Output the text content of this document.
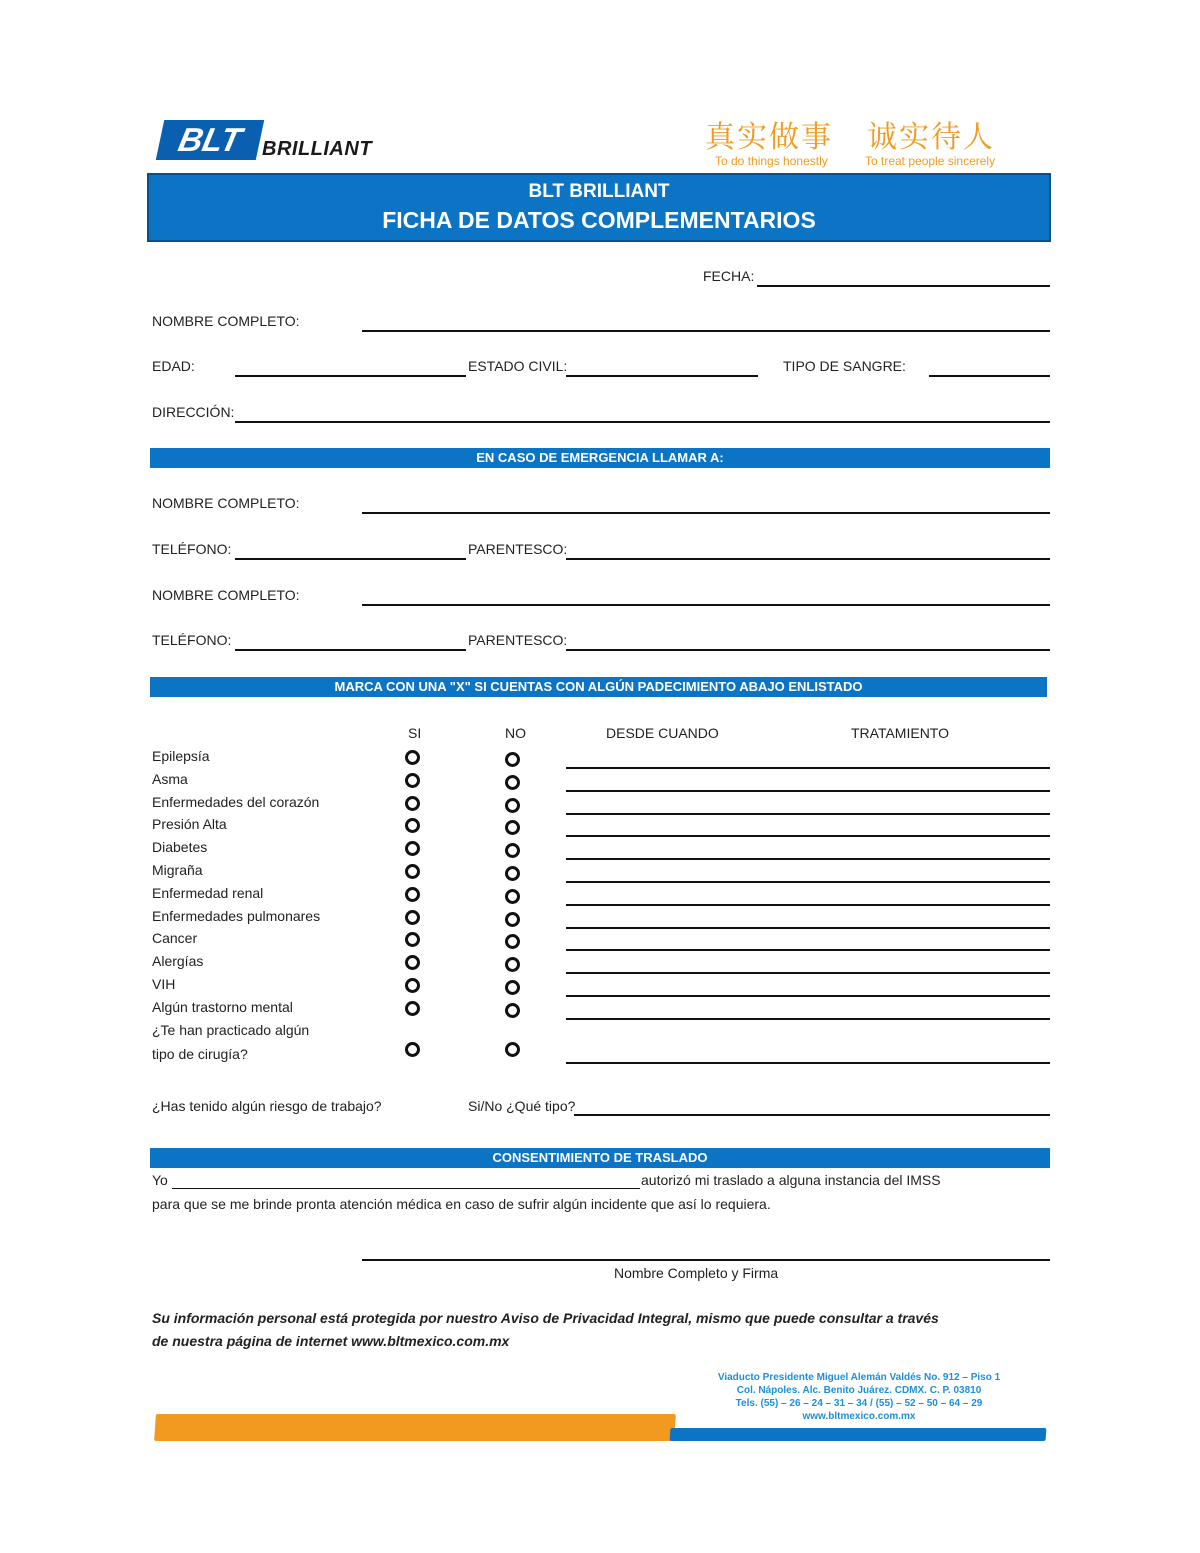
BLT BRILLIANT	真实做事 诚实待人
To do things honestly	To treat people sincerely
BLT BRILLIANT
FICHA DE DATOS COMPLEMENTARIOS
FECHA:
NOMBRE COMPLETO:
EDAD:	ESTADO CIVIL:	TIPO DE SANGRE:
DIRECCIÓN:
EN CASO DE EMERGENCIA LLAMAR A:
NOMBRE COMPLETO:
TELÉFONO:	PARENTESCO:
NOMBRE COMPLETO:
TELÉFONO:	PARENTESCO:
MARCA CON UNA "X" SI CUENTAS CON ALGÚN PADECIMIENTO ABAJO ENLISTADO
SI	NO	DESDE CUANDO	TRATAMIENTO
Epilepsía
Asma
Enfermedades del corazón
Presión Alta
Diabetes
Migraña
Enfermedad renal
Enfermedades pulmonares
Cancer
Alergías
VIH
Algún trastorno mental
¿Te han practicado algún
tipo de cirugía?
¿Has tenido algún riesgo de trabajo?	Si/No ¿Qué tipo?
CONSENTIMIENTO DE TRASLADO
Yo	autorizó mi traslado a alguna instancia del IMSS
para que se me brinde pronta atención médica en caso de sufrir algún incidente que así lo requiera.
Nombre Completo y Firma
Su información personal está protegida por nuestro Aviso de Privacidad Integral, mismo que puede consultar a través
de nuestra página de internet www.bltmexico.com.mx
Viaducto Presidente Miguel Alemán Valdés No. 912 – Piso 1
Col. Nápoles. Alc. Benito Juárez. CDMX. C. P. 03810
Tels. (55) – 26 – 24 – 31 – 34 / (55) – 52 – 50 – 64 – 29
www.bltmexico.com.mx
